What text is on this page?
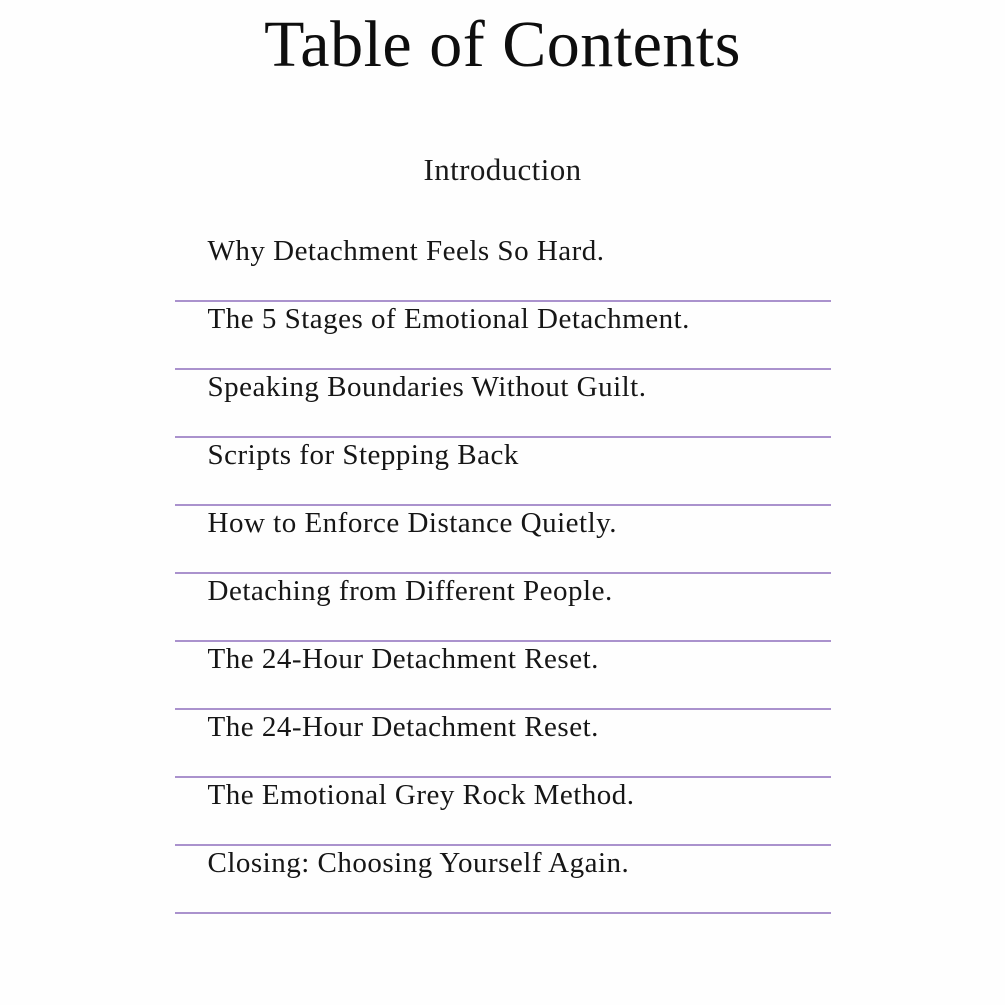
Table of Contents
Introduction
Why Detachment Feels So Hard.
The 5 Stages of Emotional Detachment.
Speaking Boundaries Without Guilt.
Scripts for Stepping Back
How to Enforce Distance Quietly.
Detaching from Different People.
The 24-Hour Detachment Reset.
The 24-Hour Detachment Reset.
The Emotional Grey Rock Method.
Closing: Choosing Yourself Again.
